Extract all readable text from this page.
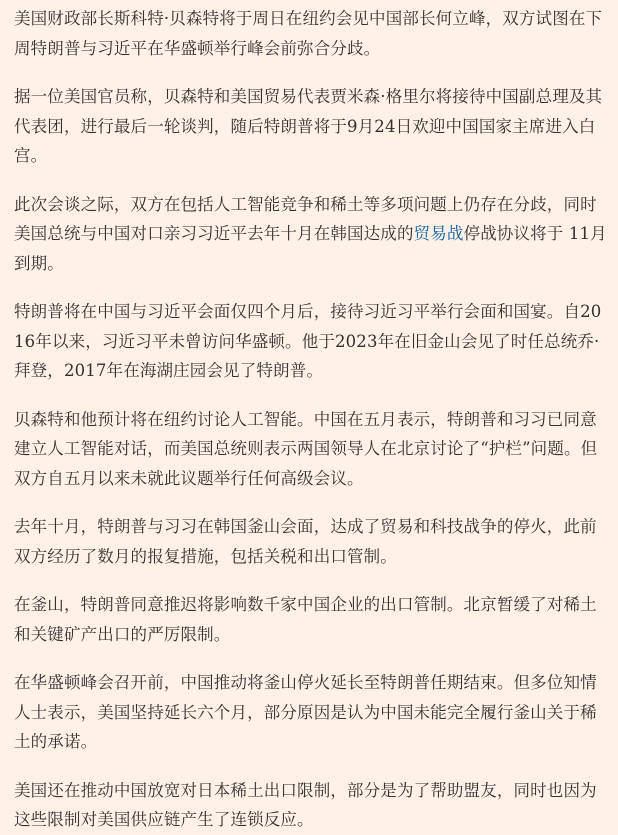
美国财政部长斯科特·贝森特将于周日在纽约会见中国部长何立峰，双方试图在下周特朗普与习近平在华盛顿举行峰会前弥合分歧。

据一位美国官员称，贝森特和美国贸易代表贾米森·格里尔将接待中国副总理及其代表团，进行最后一轮谈判，随后特朗普将于9月24日欢迎中国国家主席进入白宫。

此次会谈之际，双方在包括人工智能竞争和稀土等多项问题上仍存在分歧，同时美国总统与中国对口亲习习近平去年十月在韩国达成的贸易战停战协议将于 11月到期。

特朗普将在中国与习近平会面仅四个月后，接待习近习平举行会面和国宴。自2016年以来，习近习平未曾访问华盛顿。他于2023年在旧金山会见了时任总统乔·拜登，2017年在海湖庄园会见了特朗普。

贝森特和他预计将在纽约讨论人工智能。中国在五月表示，特朗普和习习已同意建立人工智能对话，而美国总统则表示两国领导人在北京讨论了“护栏”问题。但双方自五月以来未就此议题举行任何高级会议。

去年十月，特朗普与习习在韩国釜山会面，达成了贸易和科技战争的停火，此前双方经历了数月的报复措施，包括关税和出口管制。

在釜山，特朗普同意推迟将影响数千家中国企业的出口管制。北京暂缓了对稀土和关键矿产出口的严厉限制。

在华盛顿峰会召开前，中国推动将釜山停火延长至特朗普任期结束。但多位知情人士表示，美国坚持延长六个月，部分原因是认为中国未能完全履行釜山关于稀土的承诺。

美国还在推动中国放宽对日本稀土出口限制，部分是为了帮助盟友，同时也因为这些限制对美国供应链产生了连锁反应。
